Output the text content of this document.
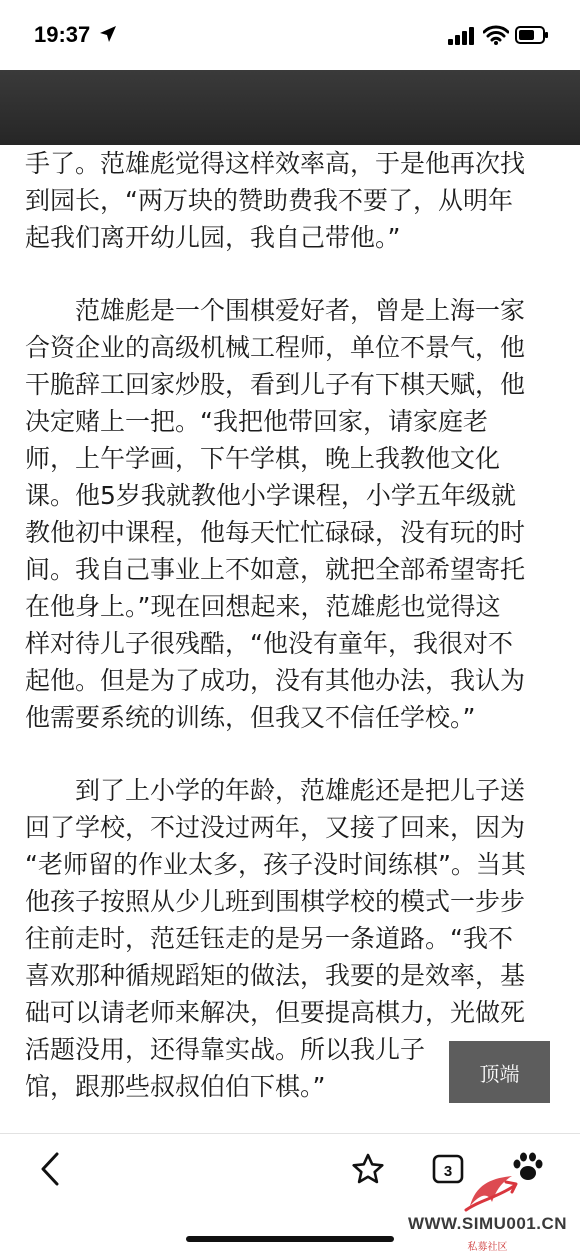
19:37
手了。范雄彪觉得这样效率高，于是他再次找
到园长，“两万块的赞助费我不要了，从明年
起我们离开幼儿园，我自己带他。”
　　范雄彪是一个围棋爱好者，曾是上海一家
合资企业的高级机械工程师，单位不景气，他
干脆辞工回家炒股，看到儿子有下棋天赋，他
决定赌上一把。“我把他带回家，请家庭老
师，上午学画，下午学棋，晚上我教他文化
课。他5岁我就教他小学课程，小学五年级就
教他初中课程，他每天忙忙碌碌，没有玩的时
间。我自己事业上不如意，就把全部希望寄托
在他身上。”现在回想起来，范雄彪也觉得这
样对待儿子很残酷，“他没有童年，我很对不
起他。但是为了成功，没有其他办法，我认为
他需要系统的训练，但我又不信任学校。”
　　到了上小学的年龄，范雄彪还是把儿子送
回了学校，不过没过两年，又接了回来，因为
“老师留的作业太多，孩子没时间练棋”。当其
他孩子按照从少儿班到围棋学校的模式一步步
往前走时，范廷钰走的是另一条道路。“我不
喜欢那种循规蹈矩的做法，我要的是效率，基
础可以请老师来解决，但要提高棋力，光做死
活题没用，还得靠实战。所以我儿子
馆，跟那些叔叔伯伯下棋。”	顶端
3
WWW.SIMU001.CN
私募社区
